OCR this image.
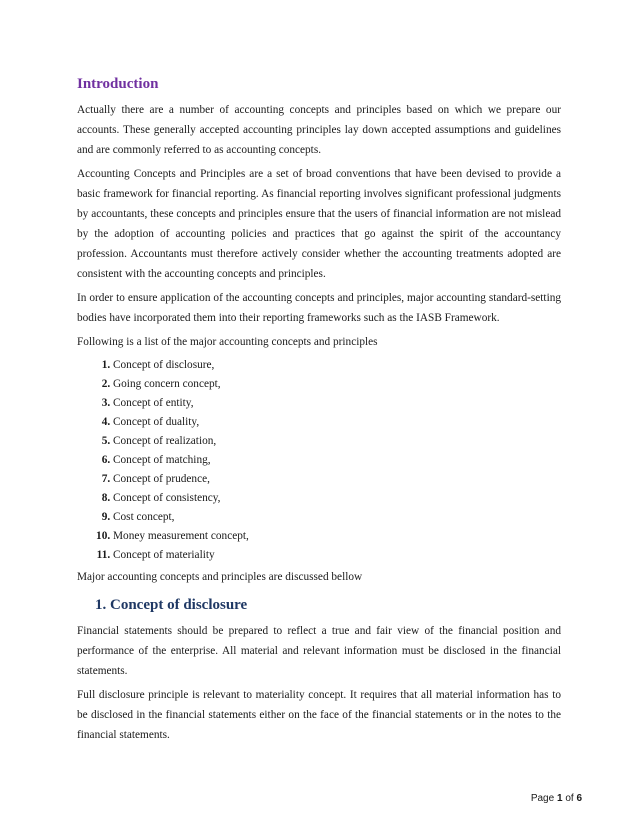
Introduction

Actually there are a number of accounting concepts and principles based on which we prepare our accounts. These generally accepted accounting principles lay down accepted assumptions and guidelines and are commonly referred to as accounting concepts.

Accounting Concepts and Principles are a set of broad conventions that have been devised to provide a basic framework for financial reporting. As financial reporting involves significant professional judgments by accountants, these concepts and principles ensure that the users of financial information are not mislead by the adoption of accounting policies and practices that go against the spirit of the accountancy profession. Accountants must therefore actively consider whether the accounting treatments adopted are consistent with the accounting concepts and principles.

In order to ensure application of the accounting concepts and principles, major accounting standard-setting bodies have incorporated them into their reporting frameworks such as the IASB Framework.

Following is a list of the major accounting concepts and principles

1. Concept of disclosure,
2. Going concern concept,
3. Concept of entity,
4. Concept of duality,
5. Concept of realization,
6. Concept of matching,
7. Concept of prudence,
8. Concept of consistency,
9. Cost concept,
10. Money measurement concept,
11. Concept of materiality

Major accounting concepts and principles are discussed bellow

1. Concept of disclosure

Financial statements should be prepared to reflect a true and fair view of the financial position and performance of the enterprise. All material and relevant information must be disclosed in the financial statements.

Full disclosure principle is relevant to materiality concept. It requires that all material information has to be disclosed in the financial statements either on the face of the financial statements or in the notes to the financial statements.

Page 1 of 6
